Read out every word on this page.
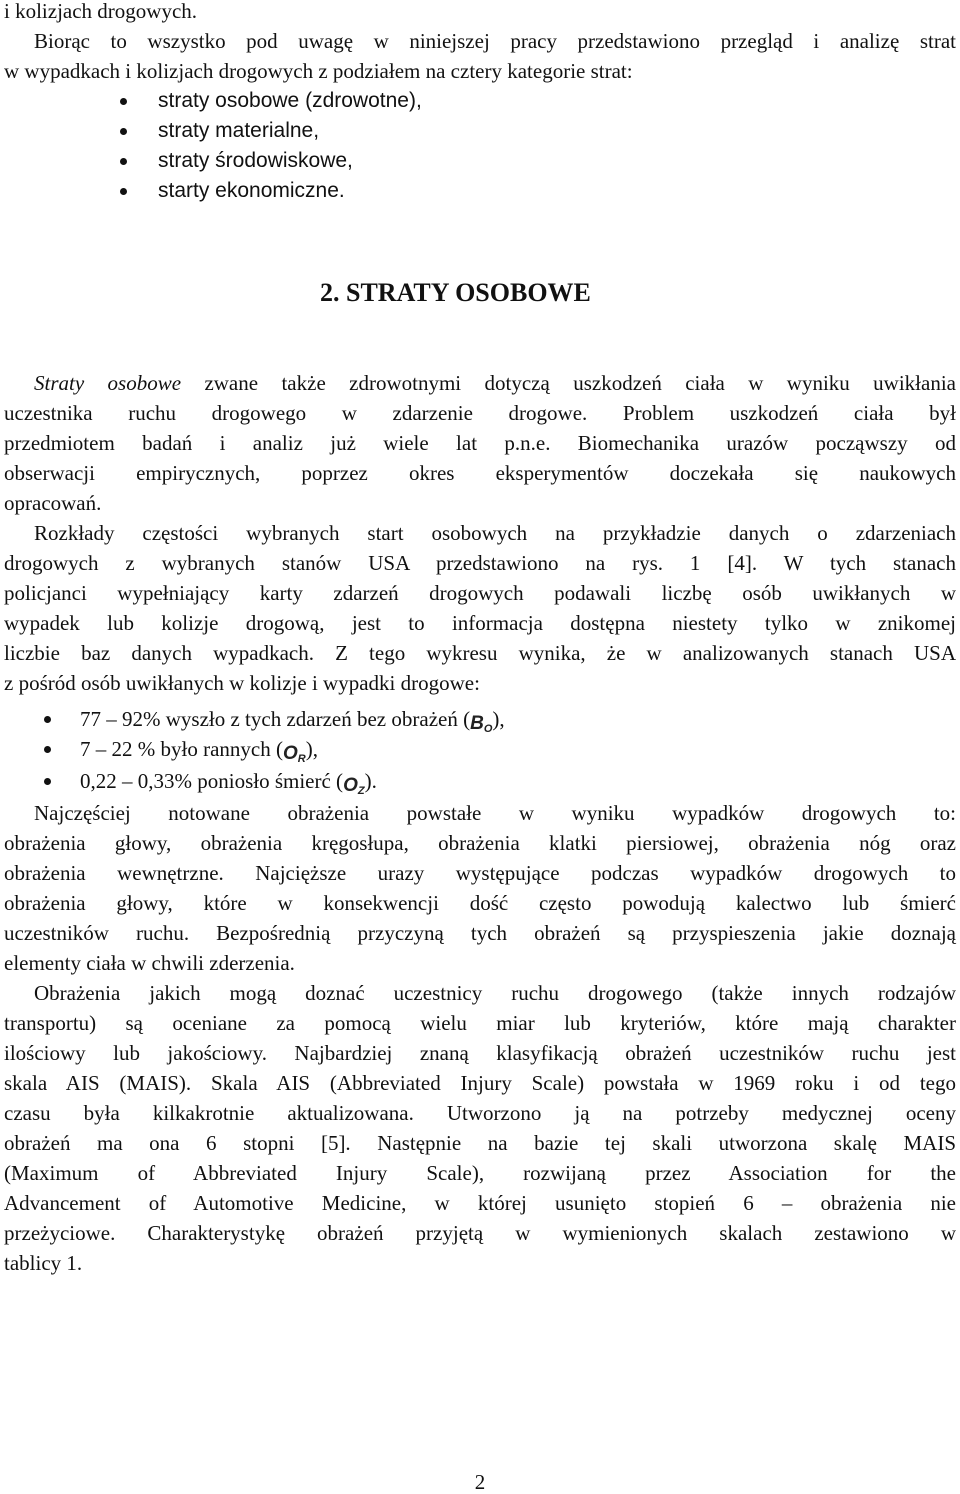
i kolizjach drogowych.
Biorąc to wszystko pod uwagę w niniejszej pracy przedstawiono przegląd i analizę strat
w wypadkach i kolizjach drogowych z podziałem na cztery kategorie strat:
straty osobowe (zdrowotne),
straty materialne,
straty środowiskowe,
starty ekonomiczne.
2. STRATY OSOBOWE
Straty osobowe zwane także zdrowotnymi dotyczą uszkodzeń ciała w wyniku uwikłania
uczestnika ruchu drogowego w zdarzenie drogowe. Problem uszkodzeń ciała był
przedmiotem badań i analiz już wiele lat p.n.e. Biomechanika urazów począwszy od
obserwacji empirycznych, poprzez okres eksperymentów doczekała się naukowych
opracowań.
Rozkłady częstości wybranych start osobowych na przykładzie danych o zdarzeniach
drogowych z wybranych stanów USA przedstawiono na rys. 1 [4]. W tych stanach
policjanci wypełniający karty zdarzeń drogowych podawali liczbę osób uwikłanych w
wypadek lub kolizje drogową, jest to informacja dostępna niestety tylko w znikomej
liczbie baz danych wypadkach. Z tego wykresu wynika, że w analizowanych stanach USA
z pośród osób uwikłanych w kolizje i wypadki drogowe:
77 – 92% wyszło z tych zdarzeń bez obrażeń $(B_O)$,
7 – 22 % było rannych $(O_R)$,
0,22 – 0,33% poniosło śmierć $(O_Z)$.
Najczęściej notowane obrażenia powstałe w wyniku wypadków drogowych to:
obrażenia głowy, obrażenia kręgosłupa, obrażenia klatki piersiowej, obrażenia nóg oraz
obrażenia wewnętrzne. Najcięższe urazy występujące podczas wypadków drogowych to
obrażenia głowy, które w konsekwencji dość często powodują kalectwo lub śmierć
uczestników ruchu. Bezpośrednią przyczyną tych obrażeń są przyspieszenia jakie doznają
elementy ciała w chwili zderzenia.
Obrażenia jakich mogą doznać uczestnicy ruchu drogowego (także innych rodzajów
transportu) są oceniane za pomocą wielu miar lub kryteriów, które mają charakter
ilościowy lub jakościowy. Najbardziej znaną klasyfikacją obrażeń uczestników ruchu jest
skala AIS (MAIS). Skala AIS (Abbreviated Injury Scale) powstała w 1969 roku i od tego
czasu była kilkakrotnie aktualizowana. Utworzono ją na potrzeby medycznej oceny
obrażeń ma ona 6 stopni [5]. Następnie na bazie tej skali utworzona skalę MAIS
(Maximum of Abbreviated Injury Scale), rozwijaną przez Association for the
Advancement of Automotive Medicine, w której usunięto stopień 6 – obrażenia nie
przeżyciowe. Charakterystykę obrażeń przyjętą w wymienionych skalach zestawiono w
tablicy 1.
2
